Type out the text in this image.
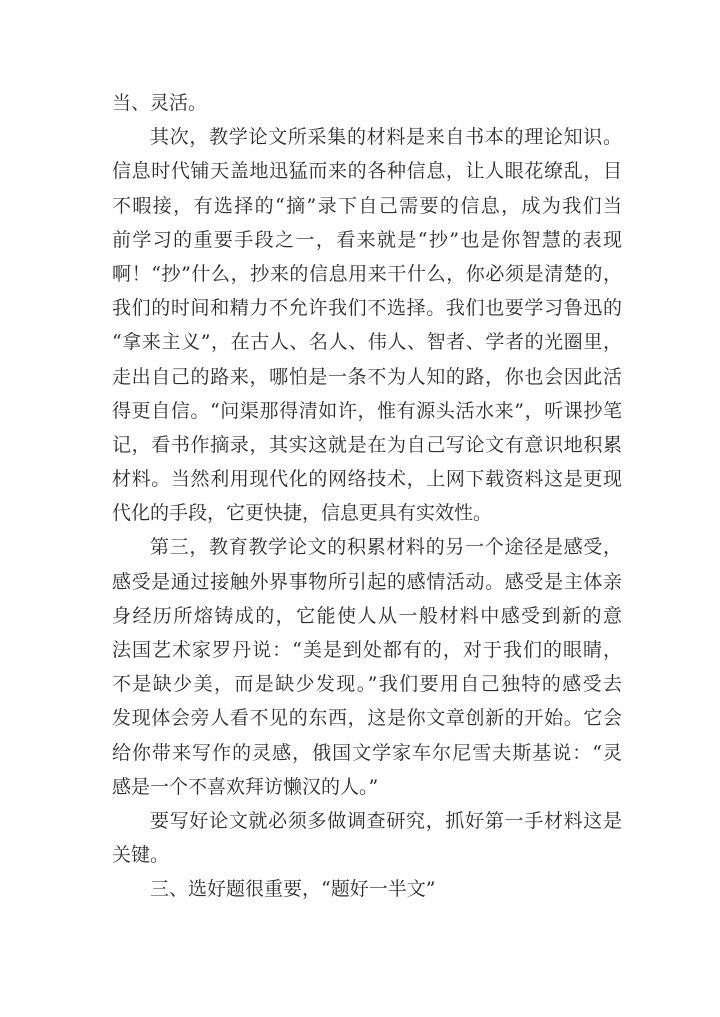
当、灵活。
其次，教学论文所采集的材料是来自书本的理论知识。
信息时代铺天盖地迅猛而来的各种信息，让人眼花缭乱，目
不暇接，有选择的“摘”录下自己需要的信息，成为我们当
前学习的重要手段之一，看来就是“抄”也是你智慧的表现
啊！“抄”什么，抄来的信息用来干什么，你必须是清楚的，
我们的时间和精力不允许我们不选择。我们也要学习鲁迅的
“拿来主义”，在古人、名人、伟人、智者、学者的光圈里，
走出自己的路来，哪怕是一条不为人知的路，你也会因此活
得更自信。“问渠那得清如许，惟有源头活水来”，听课抄笔
记，看书作摘录，其实这就是在为自己写论文有意识地积累
材料。当然利用现代化的网络技术，上网下载资料这是更现
代化的手段，它更快捷，信息更具有实效性。
第三，教育教学论文的积累材料的另一个途径是感受，
感受是通过接触外界事物所引起的感情活动。感受是主体亲
身经历所熔铸成的，它能使人从一般材料中感受到新的意
法国艺术家罗丹说：“美是到处都有的，对于我们的眼睛，
不是缺少美，而是缺少发现。”我们要用自己独特的感受去
发现体会旁人看不见的东西，这是你文章创新的开始。它会
给你带来写作的灵感，俄国文学家车尔尼雪夫斯基说：“灵
感是一个不喜欢拜访懒汉的人。”
要写好论文就必须多做调查研究，抓好第一手材料这是
关键。
三、选好题很重要，“题好一半文”
